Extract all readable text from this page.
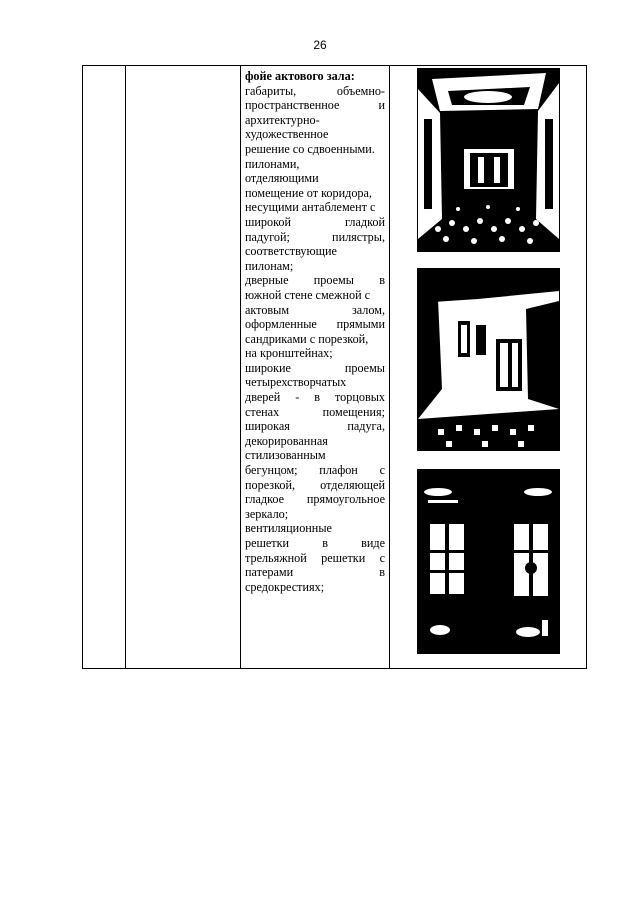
26

фойе актового зала:
габариты, объемно-
пространственное и
архитектурно-
художественное
решение со сдвоенными.
пилонами,
отделяющими
помещение от коридора,
несущими антаблемент с
широкой гладкой
падугой; пилястры,
соответствующие
пилонам;
дверные проемы в
южной стене смежной с
актовым залом,
оформленные прямыми
сандриками с порезкой,
на кронштейнах;
широкие проемы
четырехстворчатых
дверей - в торцовых
стенах помещения;
широкая падуга,
декорированная
стилизованным
бегунцом; плафон с
порезкой, отделяющей
гладкое прямоугольное
зеркало;
вентиляционные
решетки в виде
трельяжной решетки с
патерами в
средокрестиях;
